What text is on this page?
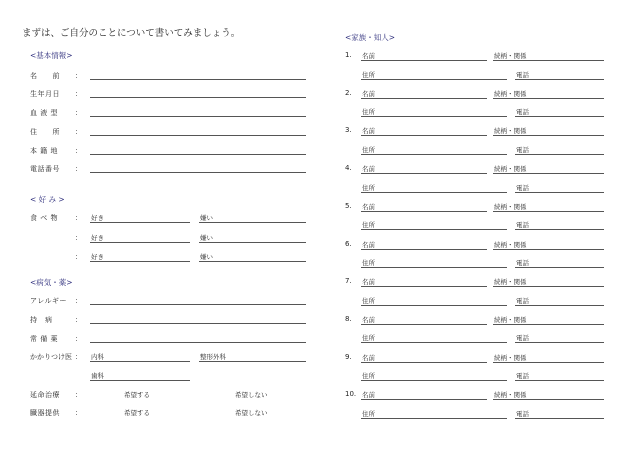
まずは、ご自分のことについて書いてみましょう。
<基本情報>
名　　前 ：
生年月日 ：
血 液 型 ：
住　　所 ：
本 籍 地 ：
電話番号 ：
< 好 み >
食 べ 物 ： 好き	嫌い
： 好き	嫌い
： 好き	嫌い
<病気・薬>
アレルギー ：
持　病	：
常 備 薬 ：
かかりつけ医 ： 内科	整形外科
歯科
延命治療 ：	希望する	希望しない
臓器提供 ：	希望する	希望しない
<家族・知人>
1. 名前	続柄・関係
住所	電話
2. 名前	続柄・関係
住所	電話
3. 名前	続柄・関係
住所	電話
4. 名前	続柄・関係
住所	電話
5. 名前	続柄・関係
住所	電話
6. 名前	続柄・関係
住所	電話
7. 名前	続柄・関係
住所	電話
8. 名前	続柄・関係
住所	電話
9. 名前	続柄・関係
住所	電話
10. 名前	続柄・関係
住所	電話
